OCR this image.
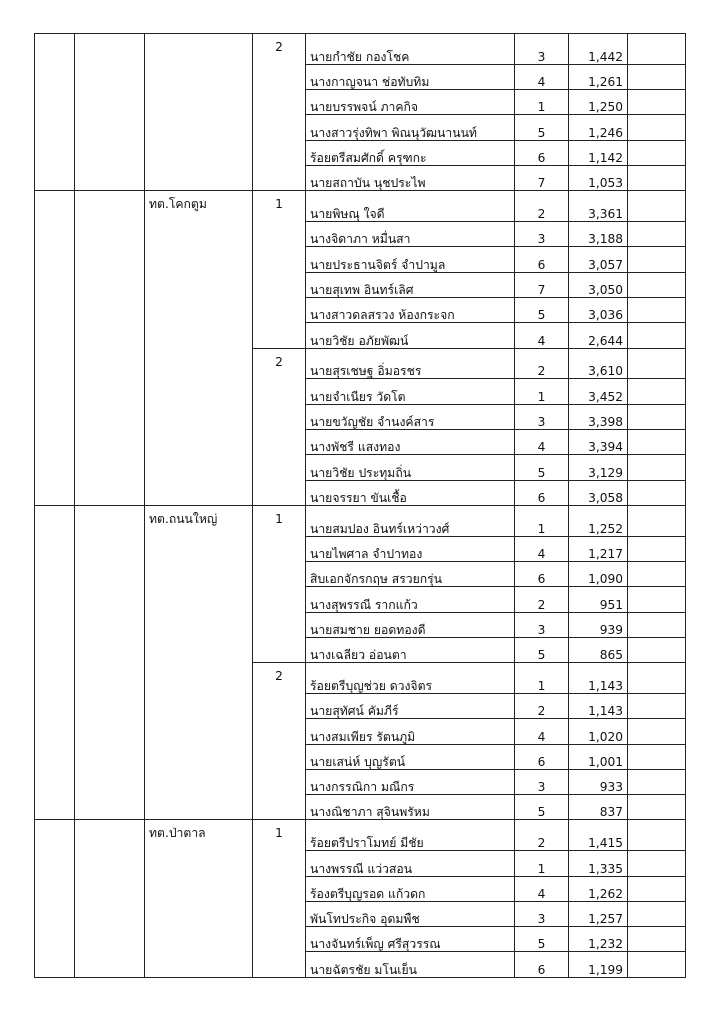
			2	นายกำชัย กองโชค	3	1,442	
				นางกาญจนา ช่อทับทิม	4	1,261	
				นายบรรพจน์ ภาคกิจ	1	1,250	
				นางสาวรุ่งทิพา พิณนุวัฒนานนท์	5	1,246	
				ร้อยตรีสมศักดิ์ ครุฑกะ	6	1,142	
				นายสถาบัน นุชประไพ	7	1,053	
		ทต.โคกตูม	1	นายพิษณุ ใจดี	2	3,361	
				นางจิดาภา หมื่นสา	3	3,188	
				นายประธานจิตร์ จำปามูล	6	3,057	
				นายสุเทพ อินทร์เลิศ	7	3,050	
				นางสาวดลสรวง ห้องกระจก	5	3,036	
				นายวิชัย อภัยพัฒน์	4	2,644	
			2	นายสุรเชษฐ อิ่มอรชร	2	3,610	
				นายจำเนียร วัดโต	1	3,452	
				นายขวัญชัย จำนงค์สาร	3	3,398	
				นางพัชรี แสงทอง	4	3,394	
				นายวิชัย ประทุมถิ่น	5	3,129	
				นายจรรยา ขันเชื้อ	6	3,058	
		ทต.ถนนใหญ่	1	นายสมปอง อินทร์เหว่าวงศ์	1	1,252	
				นายไพศาล จำปาทอง	4	1,217	
				สิบเอกจักรกฤษ สรวยกรุ่น	6	1,090	
				นางสุพรรณี รากแก้ว	2	951	
				นายสมชาย ยอดทองดี	3	939	
				นางเฉลียว อ่อนตา	5	865	
			2	ร้อยตรีบุญช่วย ดวงจิตร	1	1,143	
				นายสุทัศน์ คัมภีร์	2	1,143	
				นางสมเพียร รัตนภูมิ	4	1,020	
				นายเสน่ห์ บุญรัตน์	6	1,001	
				นางกรรณิกา มณีกร	3	933	
				นางณิชาภา สุจินพรัหม	5	837	
		ทต.ป่าตาล	1	ร้อยตรีปราโมทย์ มีชัย	2	1,415	
				นางพรรณี แว่วสอน	1	1,335	
				ร้องตรีบุญรอด แก้วดก	4	1,262	
				พันโทประกิจ อุดมพืช	3	1,257	
				นางจันทร์เพ็ญ ศรีสุวรรณ	5	1,232	
				นายฉัตรชัย มโนเย็น	6	1,199	
